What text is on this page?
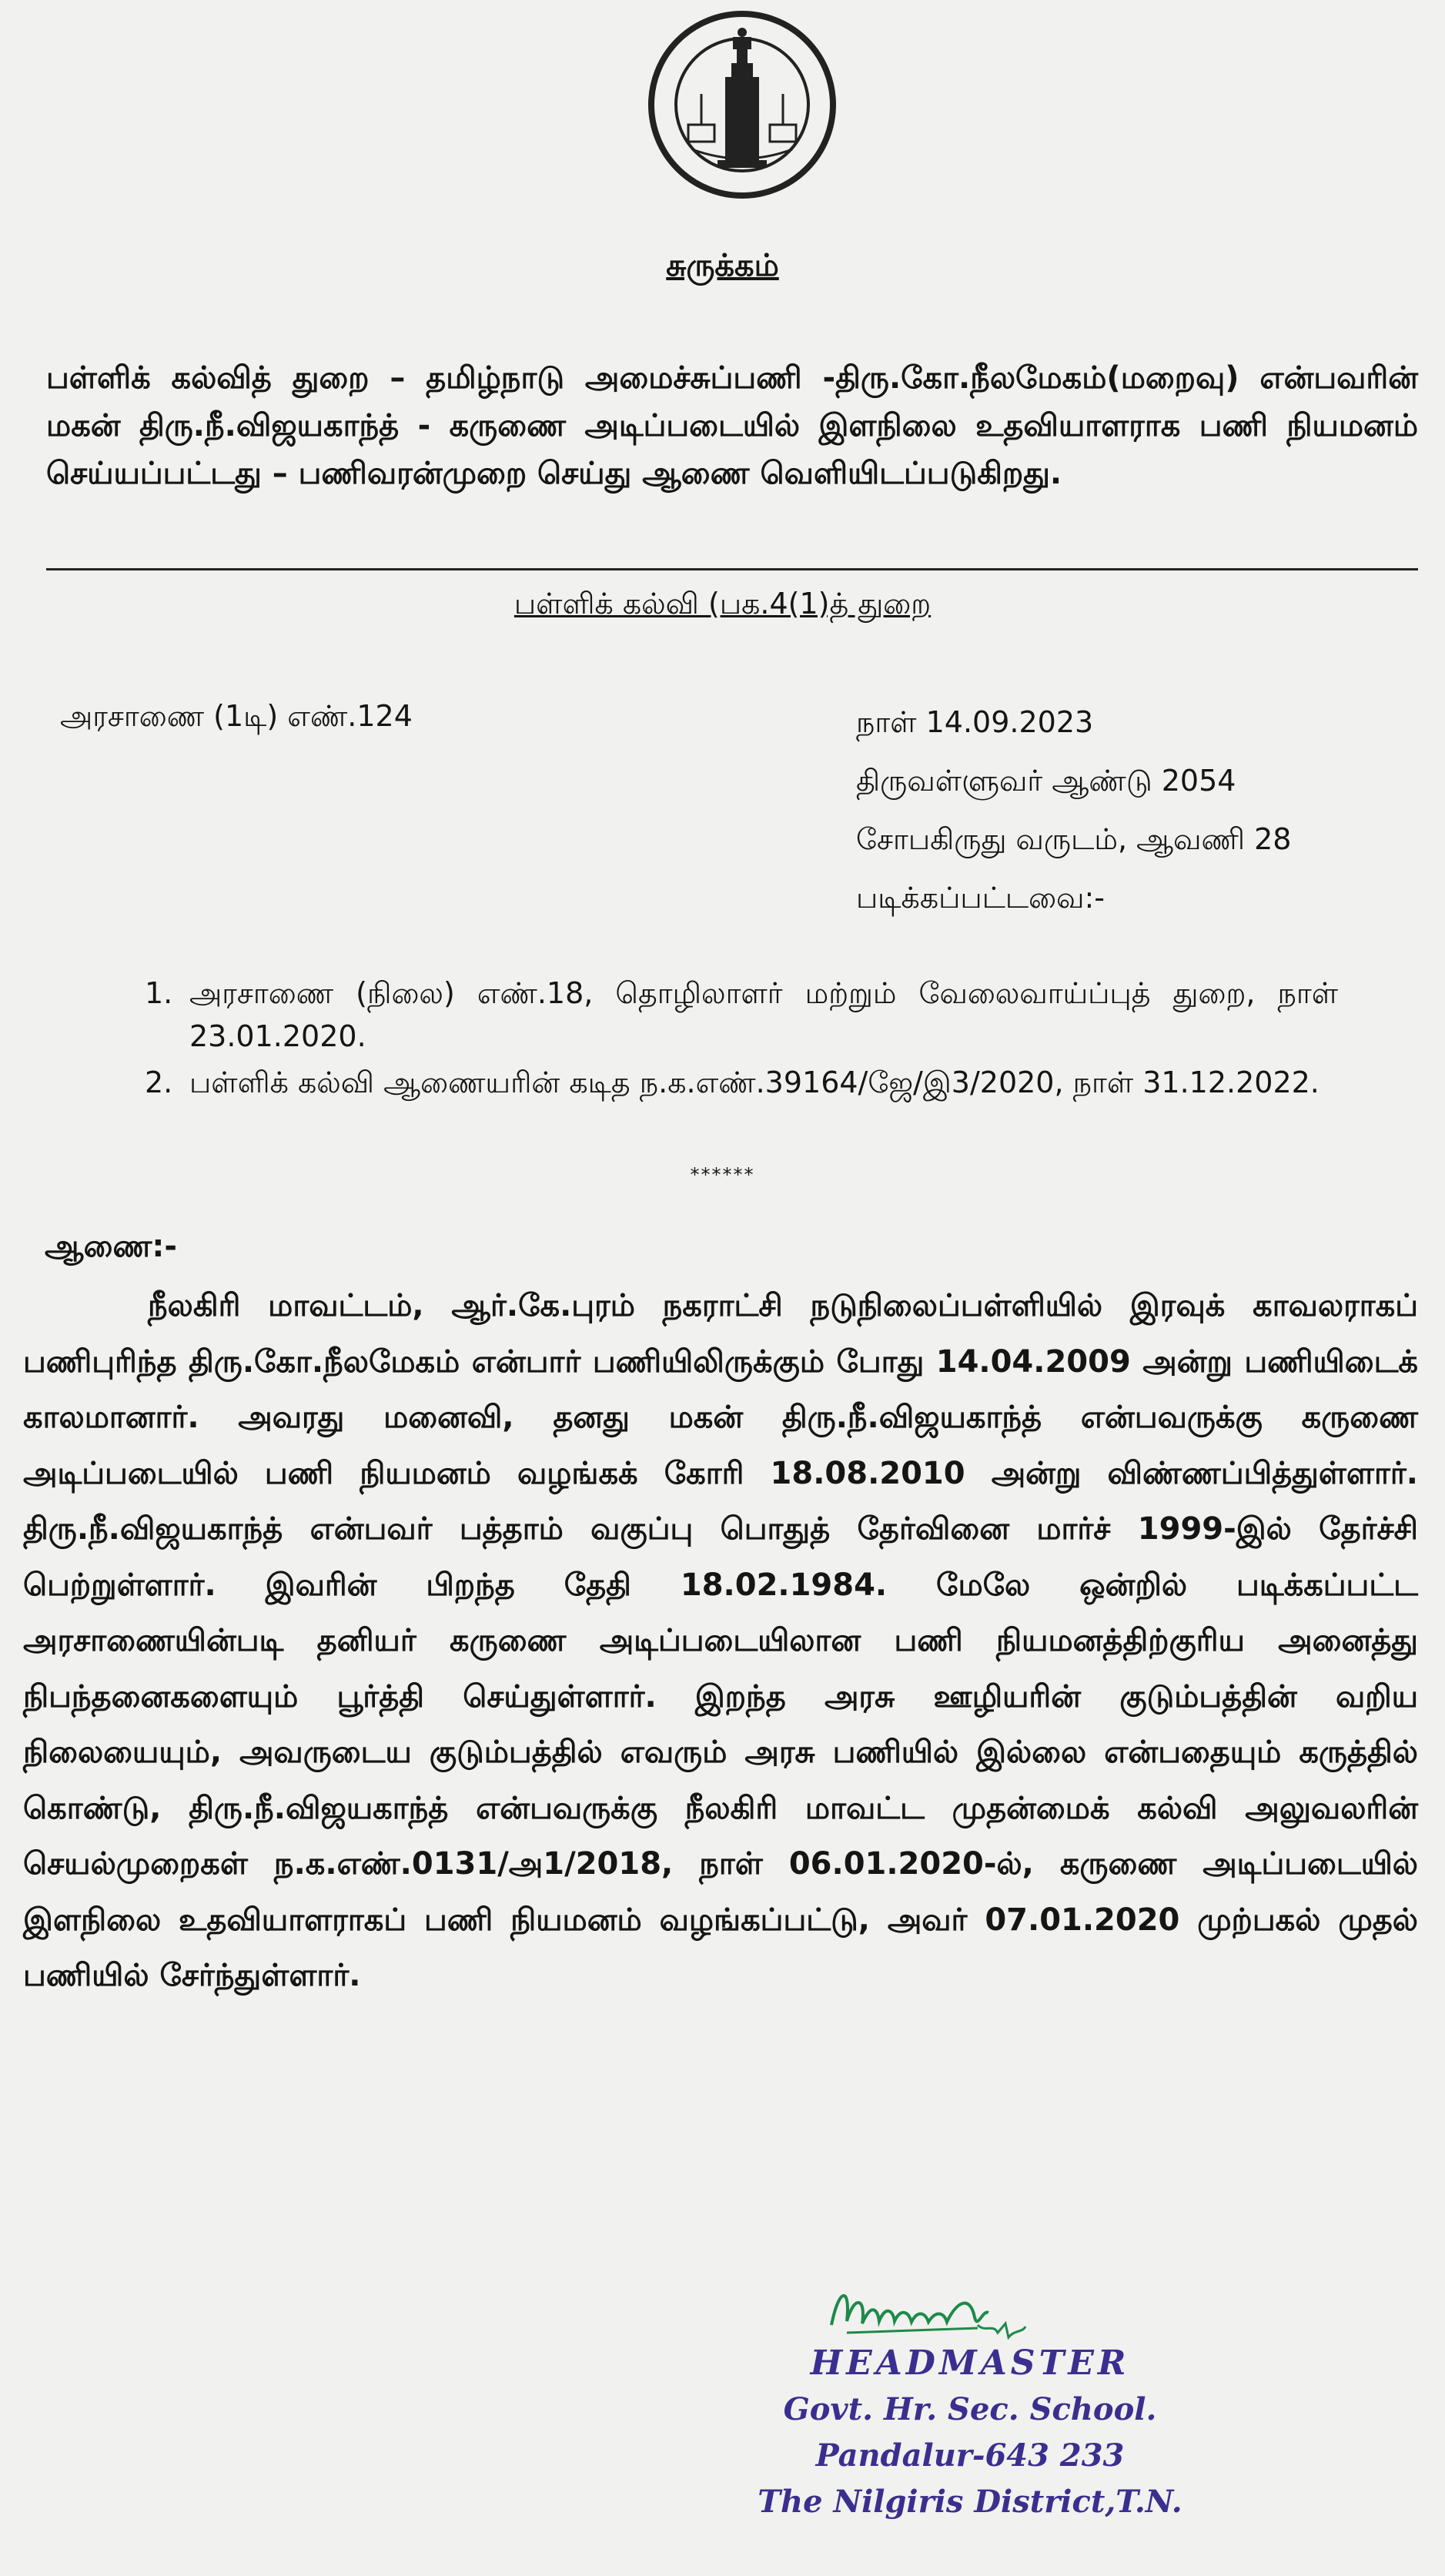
சுருக்கம்
பள்ளிக் கல்வித் துறை – தமிழ்நாடு அமைச்சுப்பணி -திரு.கோ.நீலமேகம்(மறைவு) என்பவரின் மகன் திரு.நீ.விஜயகாந்த் - கருணை அடிப்படையில் இளநிலை உதவியாளராக பணி நியமனம் செய்யப்பட்டது – பணிவரன்முறை செய்து ஆணை வெளியிடப்படுகிறது.
பள்ளிக் கல்வி (பக.4(1)த் துறை
அரசாணை (1டி) எண்.124	நாள் 14.09.2023
திருவள்ளுவர் ஆண்டு 2054
சோபகிருது வருடம், ஆவணி 28
படிக்கப்பட்டவை:-
1. அரசாணை (நிலை) எண்.18, தொழிலாளர் மற்றும் வேலைவாய்ப்புத் துறை, நாள் 23.01.2020.
2. பள்ளிக் கல்வி ஆணையரின் கடித ந.க.எண்.39164/ஜே/இ3/2020, நாள் 31.12.2022.
******
ஆணை:-
நீலகிரி மாவட்டம், ஆர்.கே.புரம் நகராட்சி நடுநிலைப்பள்ளியில் இரவுக் காவலராகப் பணிபுரிந்த திரு.கோ.நீலமேகம் என்பார் பணியிலிருக்கும் போது 14.04.2009 அன்று பணியிடைக் காலமானார். அவரது மனைவி, தனது மகன் திரு.நீ.விஜயகாந்த் என்பவருக்கு கருணை அடிப்படையில் பணி நியமனம் வழங்கக் கோரி 18.08.2010 அன்று விண்ணப்பித்துள்ளார். திரு.நீ.விஜயகாந்த் என்பவர் பத்தாம் வகுப்பு பொதுத் தேர்வினை மார்ச் 1999-இல் தேர்ச்சி பெற்றுள்ளார். இவரின் பிறந்த தேதி 18.02.1984. மேலே ஒன்றில் படிக்கப்பட்ட அரசாணையின்படி தனியர் கருணை அடிப்படையிலான பணி நியமனத்திற்குரிய அனைத்து நிபந்தனைகளையும் பூர்த்தி செய்துள்ளார். இறந்த அரசு ஊழியரின் குடும்பத்தின் வறிய நிலையையும், அவருடைய குடும்பத்தில் எவரும் அரசு பணியில் இல்லை என்பதையும் கருத்தில் கொண்டு, திரு.நீ.விஜயகாந்த் என்பவருக்கு நீலகிரி மாவட்ட முதன்மைக் கல்வி அலுவலரின் செயல்முறைகள் ந.க.எண்.0131/அ1/2018, நாள் 06.01.2020-ல், கருணை அடிப்படையில் இளநிலை உதவியாளராகப் பணி நியமனம் வழங்கப்பட்டு, அவர் 07.01.2020 முற்பகல் முதல் பணியில் சேர்ந்துள்ளார்.
HEADMASTER
Govt. Hr. Sec. School.
Pandalur-643 233
The Nilgiris District,T.N.
